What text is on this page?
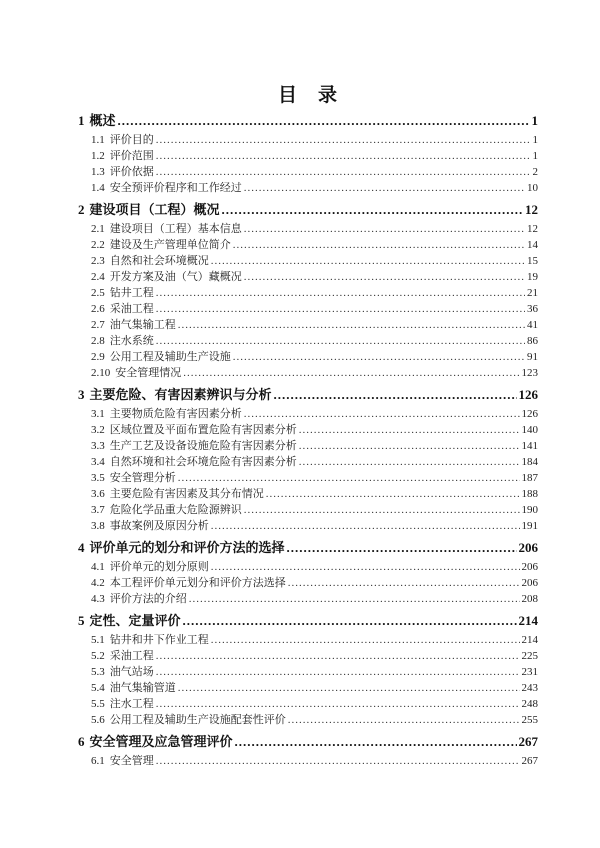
目　录
1 概述 .....	1
1.1 评价目的 .....	1
1.2 评价范围 .....	1
1.3 评价依据 .....	2
1.4 安全预评价程序和工作经过 .....	10
2 建设项目（工程）概况 .....	12
2.1 建设项目（工程）基本信息 .....	12
2.2 建设及生产管理单位简介 .....	14
2.3 自然和社会环境概况 .....	15
2.4 开发方案及油（气）藏概况 .....	19
2.5 钻井工程 .....	21
2.6 采油工程 .....	36
2.7 油气集输工程 .....	41
2.8 注水系统 .....	86
2.9 公用工程及辅助生产设施 .....	91
2.10 安全管理情况 .....	123
3 主要危险、有害因素辨识与分析 .....	126
3.1 主要物质危险有害因素分析 .....	126
3.2 区域位置及平面布置危险有害因素分析 .....	140
3.3 生产工艺及设备设施危险有害因素分析 .....	141
3.4 自然环境和社会环境危险有害因素分析 .....	184
3.5 安全管理分析 .....	187
3.6 主要危险有害因素及其分布情况 .....	188
3.7 危险化学品重大危险源辨识 .....	190
3.8 事故案例及原因分析 .....	191
4 评价单元的划分和评价方法的选择 .....	206
4.1 评价单元的划分原则 .....	206
4.2 本工程评价单元划分和评价方法选择 .....	206
4.3 评价方法的介绍 .....	208
5 定性、定量评价 .....	214
5.1 钻井和井下作业工程 .....	214
5.2 采油工程 .....	225
5.3 油气站场 .....	231
5.4 油气集输管道 .....	243
5.5 注水工程 .....	248
5.6 公用工程及辅助生产设施配套性评价 .....	255
6 安全管理及应急管理评价 .....	267
6.1 安全管理 .....	267
